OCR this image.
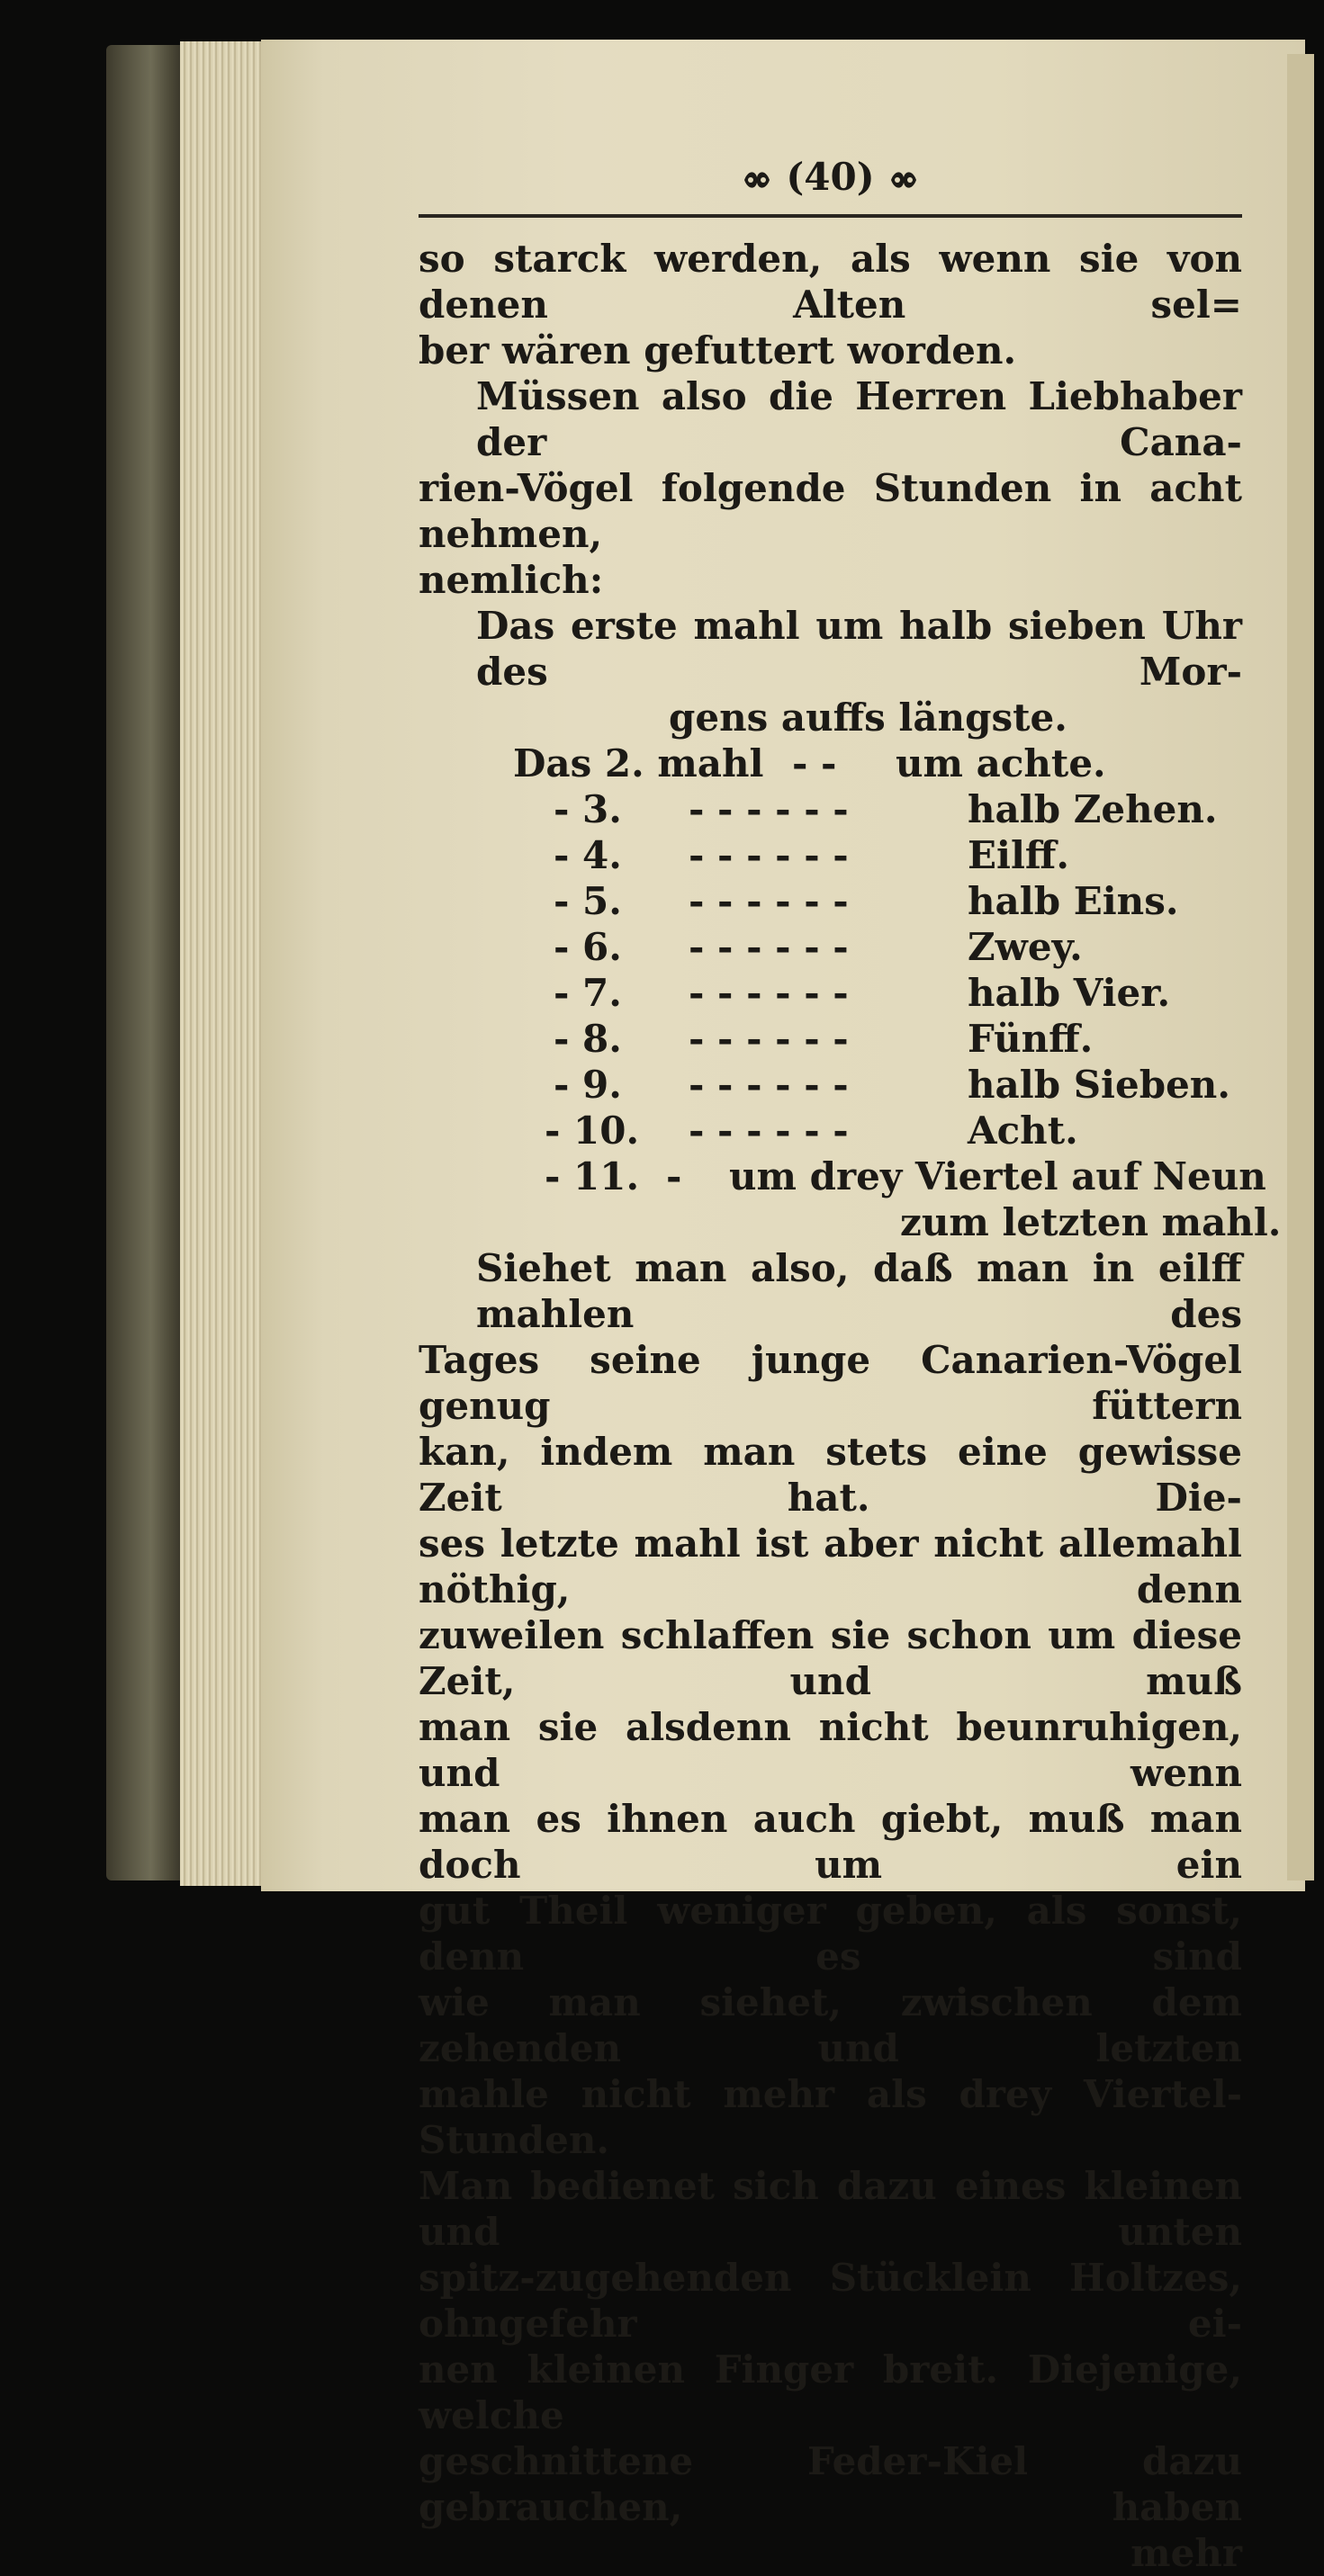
(40)
so starck werden, als wenn sie von denen Alten sel=
ber wären gefuttert worden.
Müssen also die Herren Liebhaber der Cana-
rien-Vögel folgende Stunden in acht nehmen,
nemlich:
Das erste mahl um halb sieben Uhr des Mor-
gens auffs längste.
Das 2. mahl - - um achte.
- 3. - - - - - -	halb Zehen.
- 4. - - - - - -	Eilff.
- 5. - - - - - -	halb Eins.
- 6. - - - - - -	Zwey.
- 7. - - - - - -	halb Vier.
- 8. - - - - - -	Fünff.
- 9. - - - - - -	halb Sieben.
- 10. - - - - - -	Acht.
- 11. - um drey Viertel auf Neun
zum letzten mahl.
Siehet man also, daß man in eilff mahlen des
Tages seine junge Canarien-Vögel genug füttern
kan, indem man stets eine gewisse Zeit hat. Die-
ses letzte mahl ist aber nicht allemahl nöthig, denn
zuweilen schlaffen sie schon um diese Zeit, und muß
man sie alsdenn nicht beunruhigen, und wenn
man es ihnen auch giebt, muß man doch um ein
gut Theil weniger geben, als sonst, denn es sind
wie man siehet, zwischen dem zehenden und letzten
mahle nicht mehr als drey Viertel-Stunden.
Man bedienet sich dazu eines kleinen und unten
spitz-zugehenden Stücklein Holtzes, ohngefehr ei-
nen kleinen Finger breit. Diejenige, welche
geschnittene Feder-Kiel dazu gebrauchen, haben
mehr
